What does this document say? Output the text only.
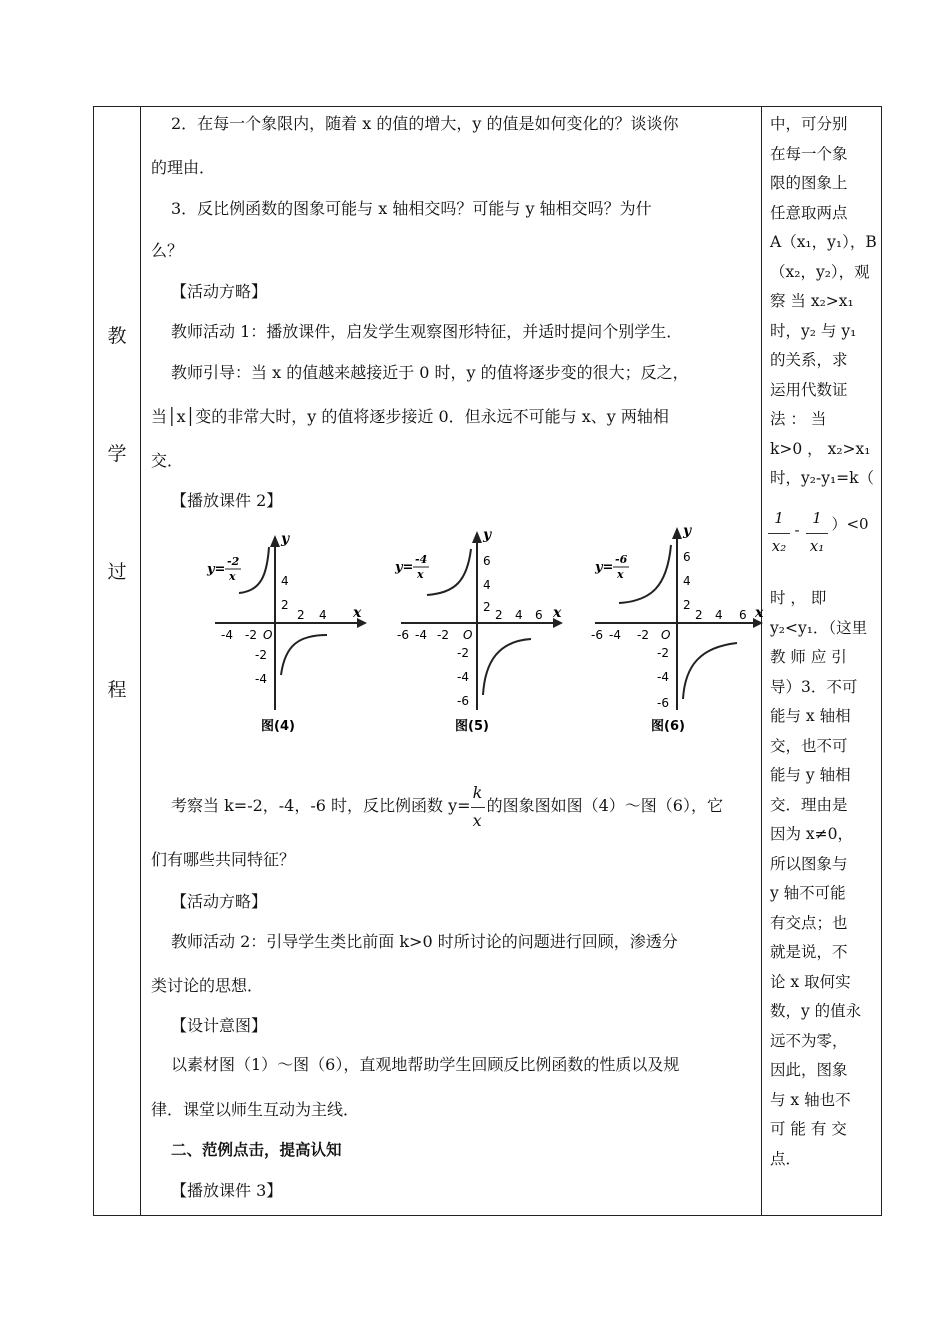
教
学
过
程
2．在每一个象限内，随着 x 的值的增大，y 的值是如何变化的？谈谈你
的理由．
3．反比例函数的图象可能与 x 轴相交吗？可能与 y 轴相交吗？为什
么？
【活动方略】
教师活动 1：播放课件，启发学生观察图形特征，并适时提问个别学生．
教师引导：当 x 的值越来越接近于 0 时，y 的值将逐步变的很大；反之，
当│x│变的非常大时，y 的值将逐步接近 0．但永远不可能与 x、y 两轴相
交．
【播放课件 2】
x
y
y=
-2
x
-4 -2 O
2 4
4
2
-2
-4
图(4)
x
y
y=
-4
x
-6 -4 -2 O
2 4 6
6
4
2
-2
-4
-6
图(5)
x
y
y=
-6
x
-6 -4 -2 O
2 4 6
6
4
2
-2
-4
-6
图(6)
考察当 k=-2，-4，-6 时，反比例函数 $y= \frac{k}{x}$ 的图象图如图（4）～图（6），它
们有哪些共同特征？
【活动方略】
教师活动 2：引导学生类比前面 k>0 时所讨论的问题进行回顾，渗透分
类讨论的思想．
【设计意图】
以素材图（1）～图（6），直观地帮助学生回顾反比例函数的性质以及规
律．课堂以师生互动为主线．
二、范例点击，提高认知
【播放课件 3】
中，可分别
在每一个象
限的图象上
任意取两点
A（x₁，y₁），B
（x₂，y₂），观
察 当 x₂>x₁
时，y₂ 与 y₁
的关系，求
运用代数证
法 ： 当
k>0 ， x₂>x₁
时，y₂-y₁=k（
1
x₂
-
1
x₁
）<0
时 ， 即
y₂<y₁．（这里
教 师 应 引
导）3．不可
能与 x 轴相
交，也不可
能与 y 轴相
交．理由是
因为 x≠0，
所以图象与
y 轴不可能
有交点；也
就是说，不
论 x 取何实
数，y 的值永
远不为零，
因此，图象
与 x 轴也不
可 能 有 交
点．
